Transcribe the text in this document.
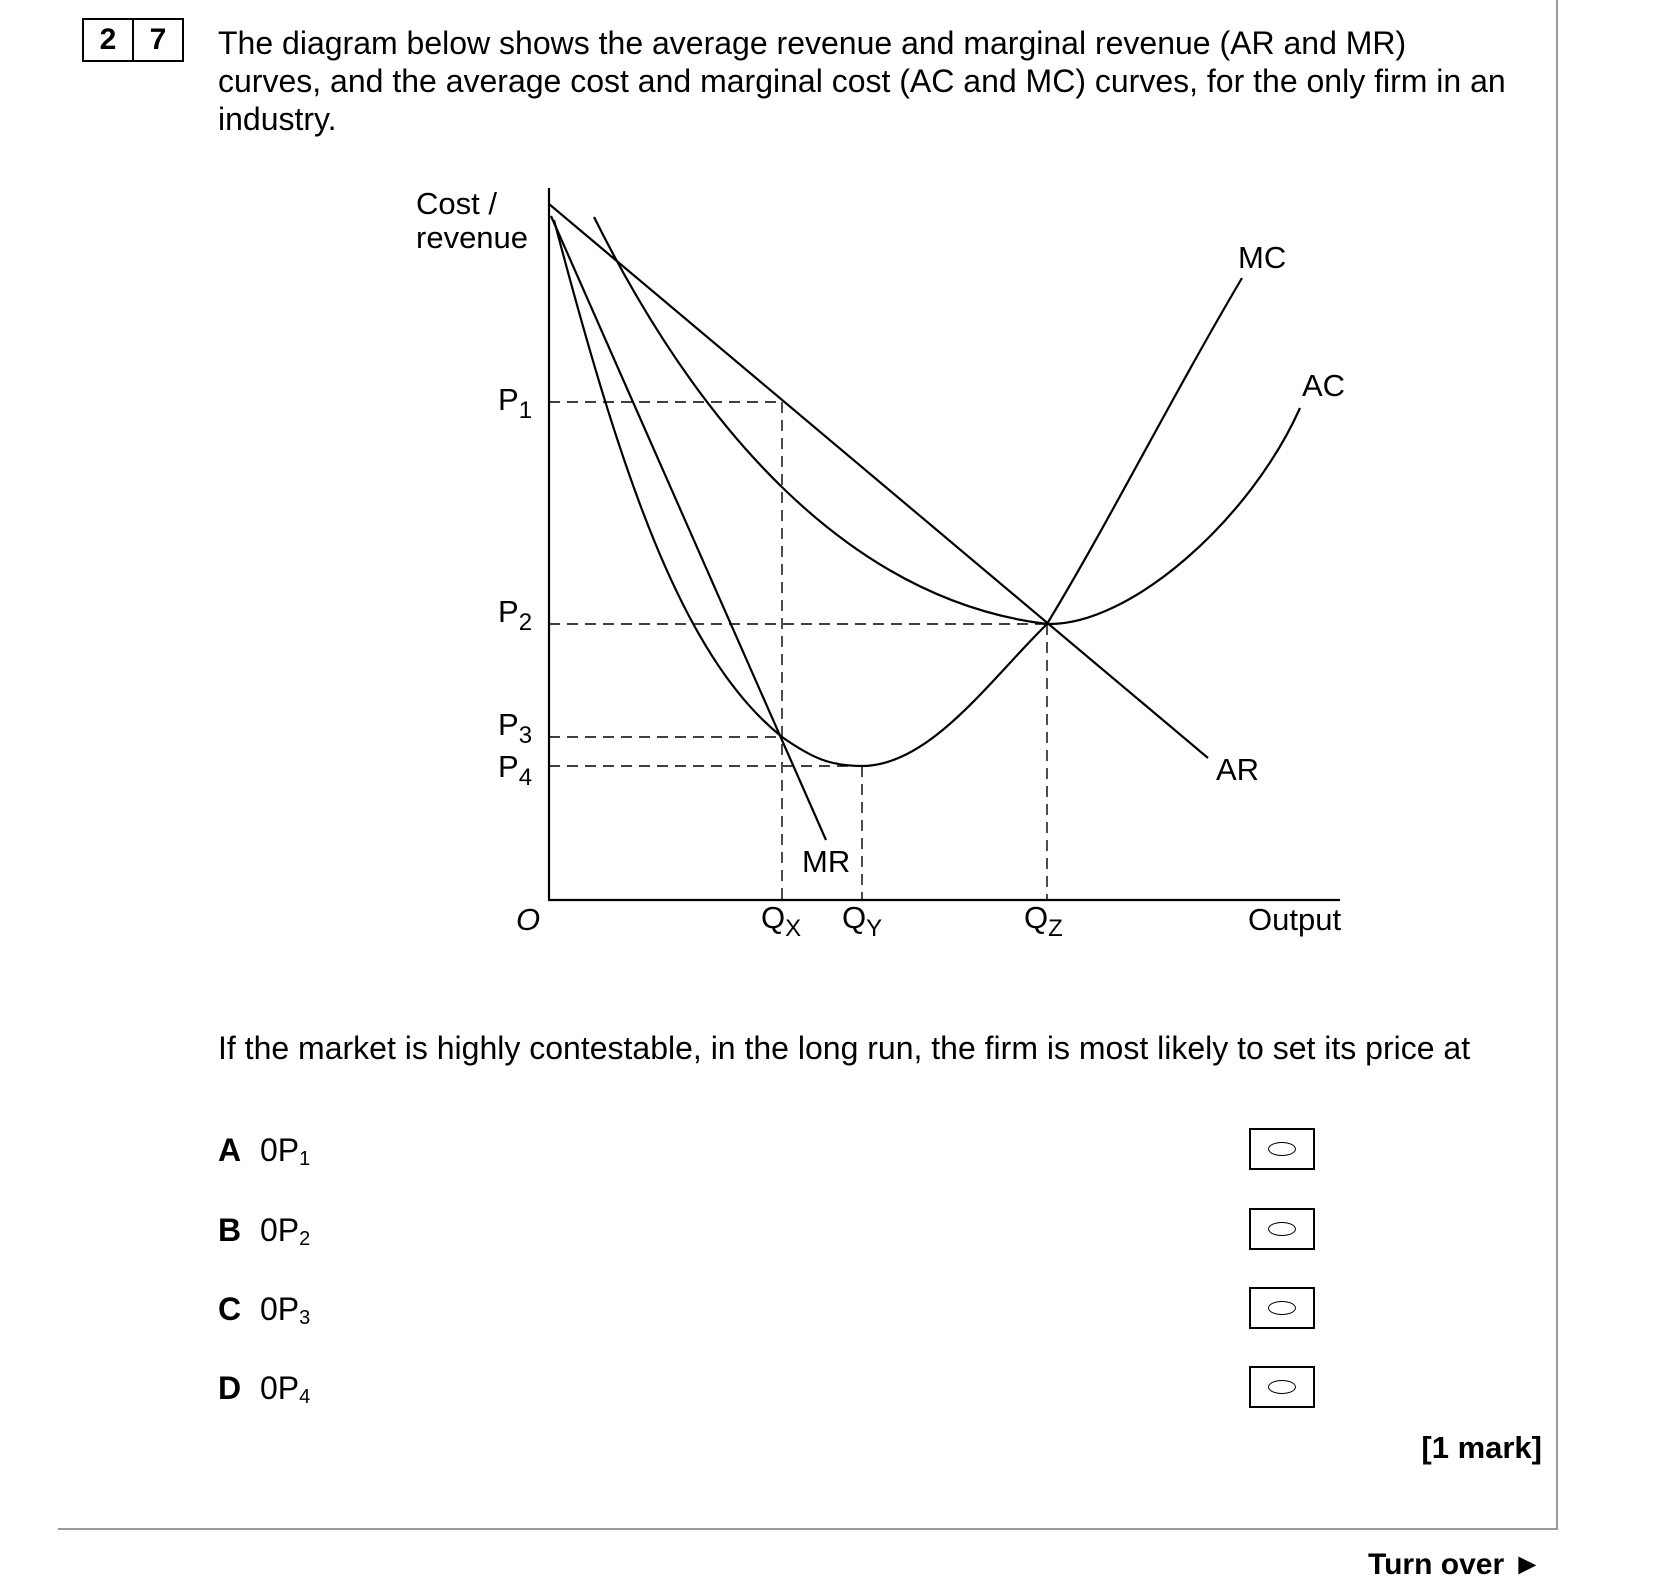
2	7	The diagram below shows the average revenue and marginal revenue (AR and MR) curves, and the average cost and marginal cost (AC and MC) curves, for the only firm in an industry.
Cost /
revenue
O	Output
$P_1$
$P_2$
$P_3$
$P_4$
$Q_X$ $Q_Y$	$Q_Z$
MC
AC
AR
MR
If the market is highly contestable, in the long run, the firm is most likely to set its price at
A $0P_1$
B $0P_2$
C $0P_3$
D $0P_4$
[1 mark]
Turn over ►
